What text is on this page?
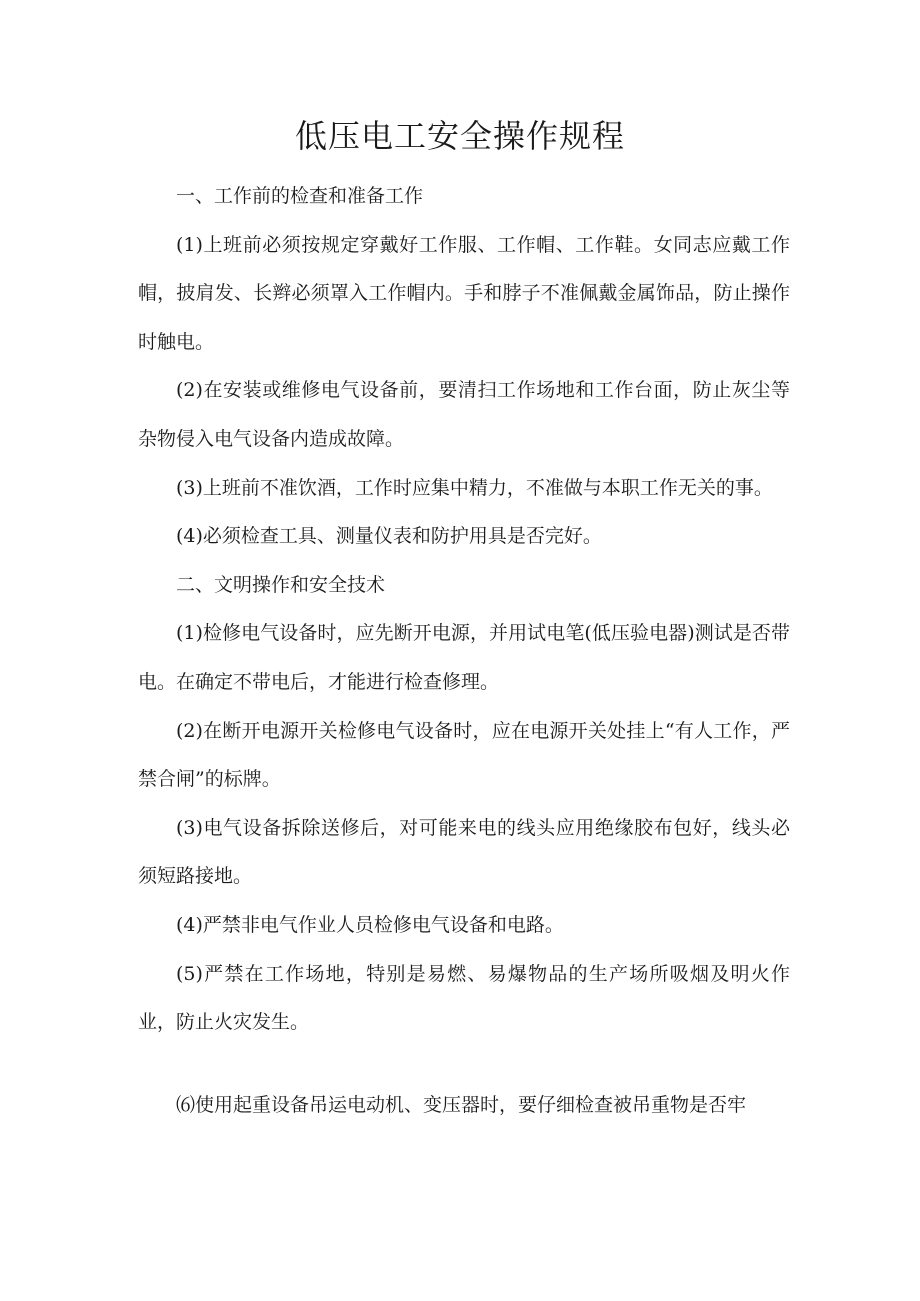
低压电工安全操作规程

一、工作前的检查和准备工作

(1)上班前必须按规定穿戴好工作服、工作帽、工作鞋。女同志应戴工作帽，披肩发、长辫必须罩入工作帽内。手和脖子不准佩戴金属饰品，防止操作时触电。

(2)在安装或维修电气设备前，要清扫工作场地和工作台面，防止灰尘等杂物侵入电气设备内造成故障。

(3)上班前不准饮酒，工作时应集中精力，不准做与本职工作无关的事。

(4)必须检查工具、测量仪表和防护用具是否完好。

二、文明操作和安全技术

(1)检修电气设备时，应先断开电源，并用试电笔(低压验电器)测试是否带电。在确定不带电后，才能进行检查修理。

(2)在断开电源开关检修电气设备时，应在电源开关处挂上“有人工作，严禁合闸”的标牌。

(3)电气设备拆除送修后，对可能来电的线头应用绝缘胶布包好，线头必须短路接地。

(4)严禁非电气作业人员检修电气设备和电路。

(5)严禁在工作场地，特别是易燃、易爆物品的生产场所吸烟及明火作业，防止火灾发生。

⑹使用起重设备吊运电动机、变压器时，要仔细检查被吊重物是否牢
